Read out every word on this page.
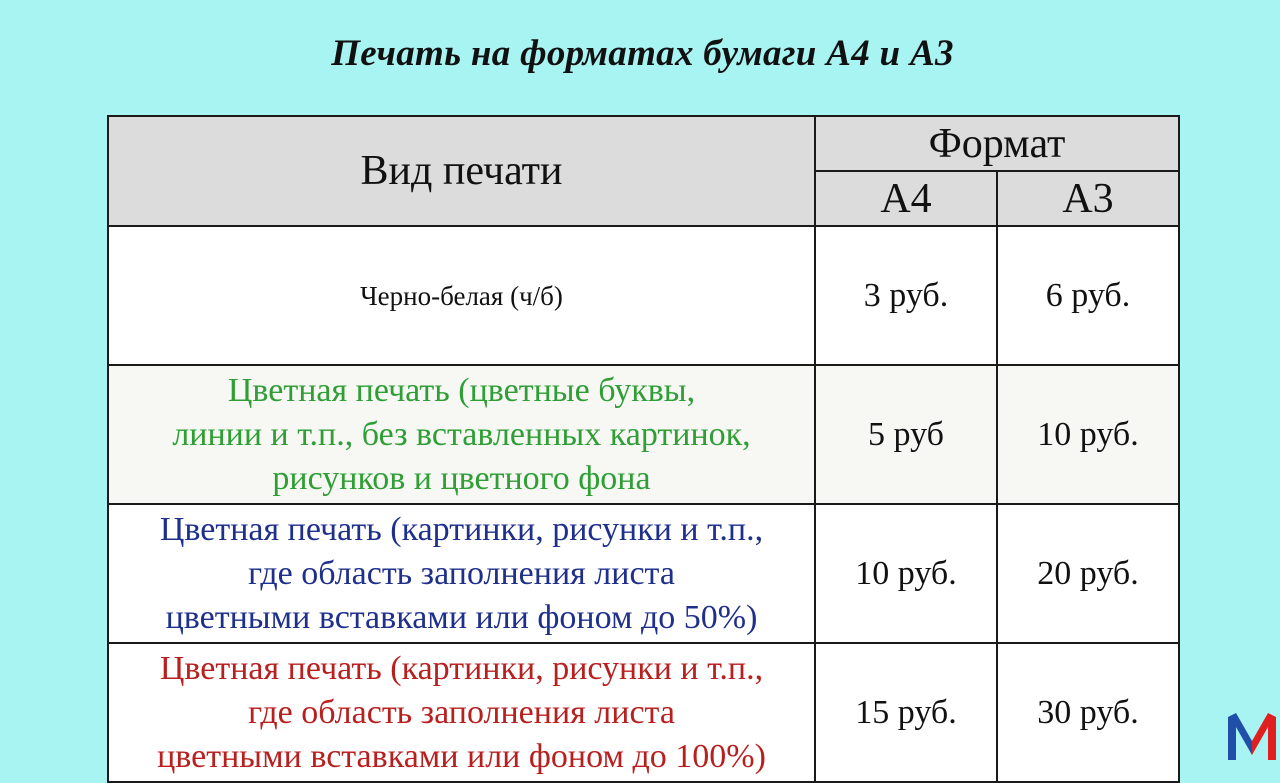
Печать на форматах бумаги А4 и А3
Вид печати	Формат	
	А4	А3
Черно-белая (ч/б)	3 руб.	6 руб.

Цветная печать (цветные буквы,
линии и т.п., без вставленных картинок,
рисунков и цветного фона	5 руб	10 руб.

Цветная печать (картинки, рисунки и т.п.,
где область заполнения листа
цветными вставками или фоном до 50%)	10 руб.	20 руб.

Цветная печать (картинки, рисунки и т.п.,
где область заполнения листа
цветными вставками или фоном до 100%)	15 руб.	30 руб.
